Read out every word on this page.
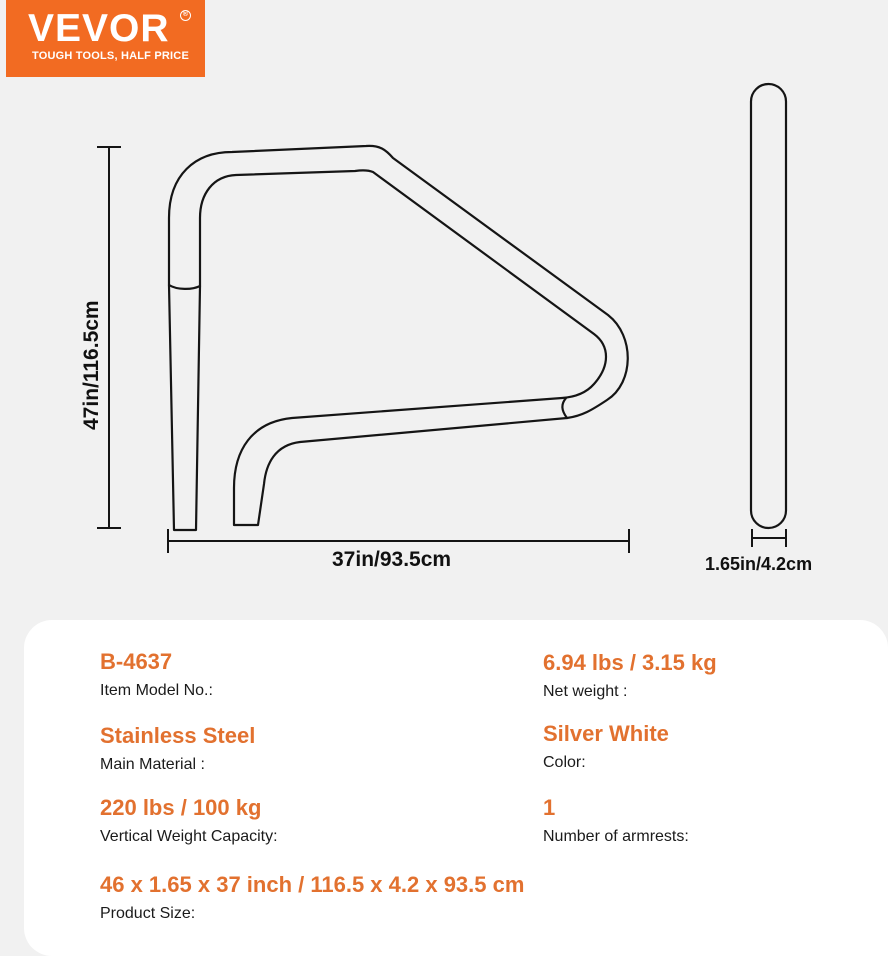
VEVOR	®
TOUGH TOOLS, HALF PRICE
47in/116.5cm
37in/93.5cm	1.65in/4.2cm
B-4637
Item Model No.:
6.94 lbs / 3.15 kg
Net weight :
Stainless Steel
Main Material :
Silver White
Color:
220 lbs / 100 kg
Vertical Weight Capacity:
1
Number of armrests:
46 x 1.65 x 37 inch / 116.5 x 4.2 x 93.5 cm
Product Size:
